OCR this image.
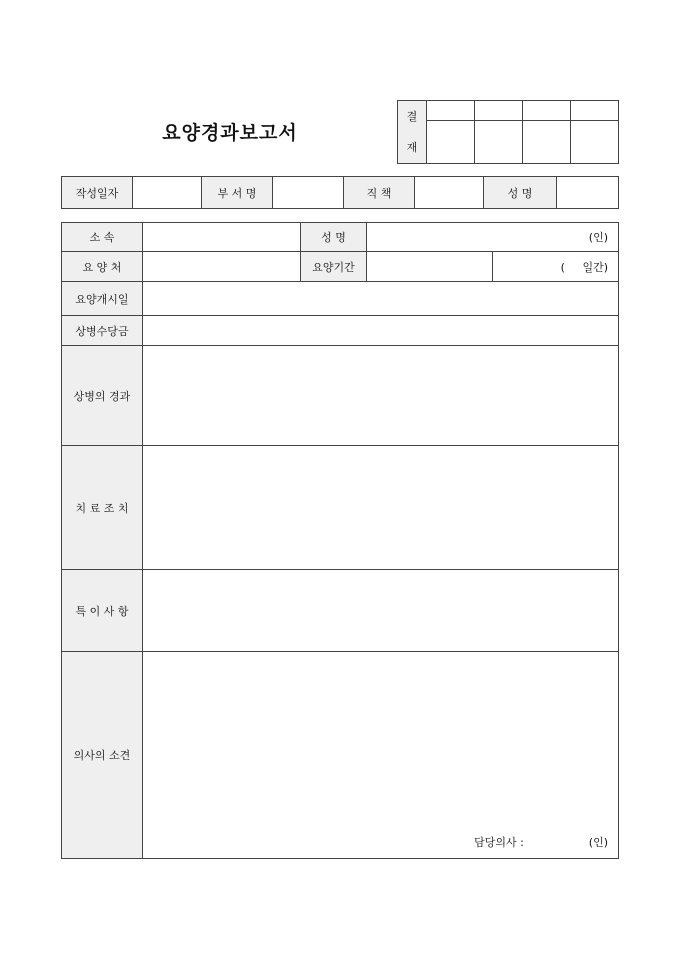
요양경과보고서
결
재				

작성일자		부 서 명		직 책		성 명	
소 속		성 명	(인)	
요 양 처		요양기간		(     일간)
요양개시일				
상병수당금				
상병의 경과				
치 료 조 치				
특 이 사 항				
의사의 소견	담당의사 : (인)			
